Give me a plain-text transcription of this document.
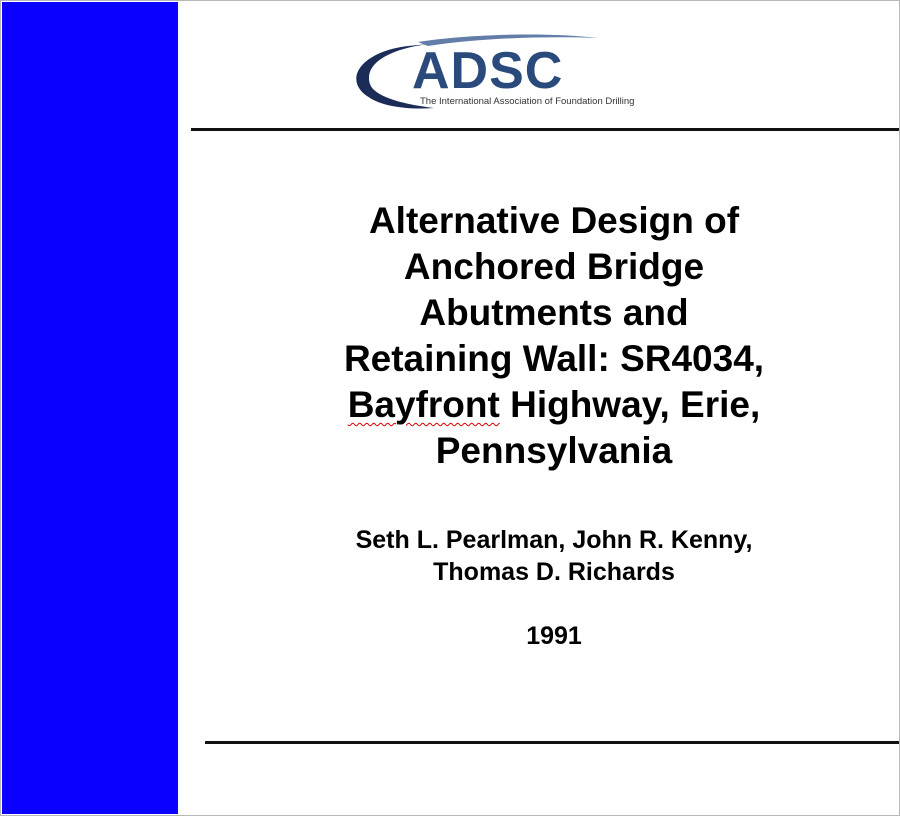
ADSC
The International Association of Foundation Drilling
Alternative Design of
Anchored Bridge
Abutments and
Retaining Wall: SR4034,
Bayfront Highway, Erie,
Pennsylvania

Seth L. Pearlman, John R. Kenny,
Thomas D. Richards

1991
